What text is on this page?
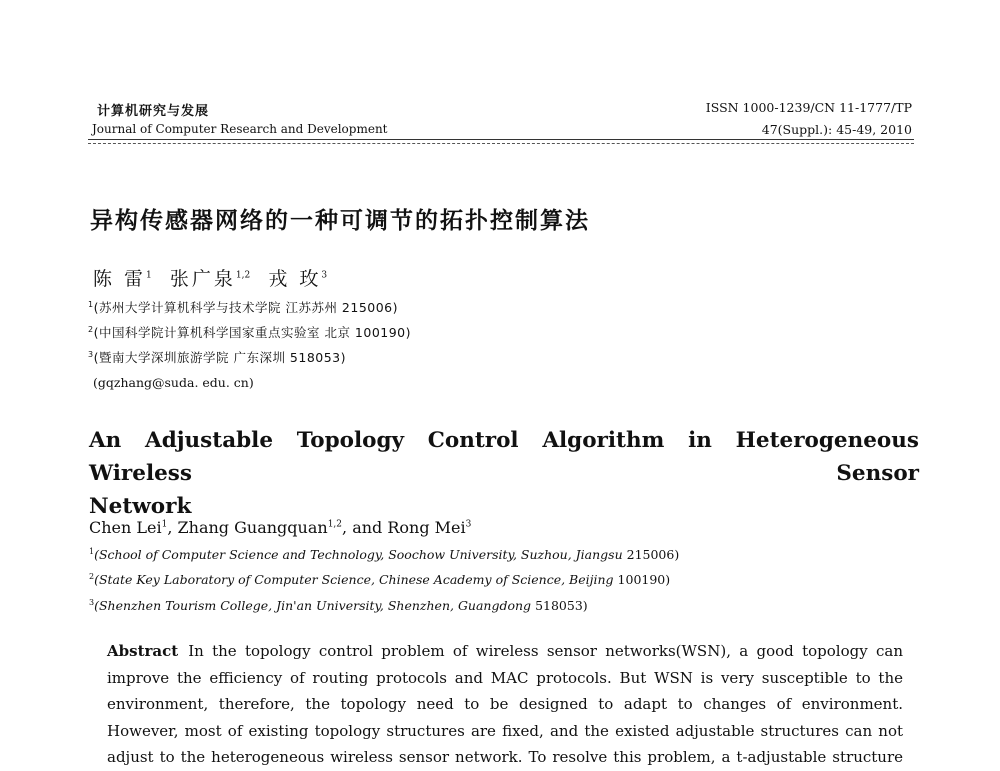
计算机研究与发展
Journal of Computer Research and Development
ISSN 1000-1239/CN 11-1777/TP
47(Suppl.): 45-49, 2010
异构传感器网络的一种可调节的拓扑控制算法
陈 雷$^1$ 张广泉$^{1,2}$ 戎 玫$^3$
$^1$(苏州大学计算机科学与技术学院 江苏苏州 215006)
$^2$(中国科学院计算机科学国家重点实验室 北京 100190)
$^3$(暨南大学深圳旅游学院 广东深圳 518053)
(gqzhang@suda. edu. cn)
An Adjustable Topology Control Algorithm in Heterogeneous Wireless Sensor
Network
Chen Lei$^1$, Zhang Guangquan$^{1,2}$, and Rong Mei$^3$
$^1$(School of Computer Science and Technology, Soochow University, Suzhou, Jiangsu 215006)
$^2$(State Key Laboratory of Computer Science, Chinese Academy of Science, Beijing 100190)
$^3$(Shenzhen Tourism College, Jin'an University, Shenzhen, Guangdong 518053)
Abstract In the topology control problem of wireless sensor networks(WSN), a good topology can
improve the efficiency of routing protocols and MAC protocols. But WSN is very susceptible to the
environment, therefore, the topology need to be designed to adapt to changes of environment.
However, most of existing topology structures are fixed, and the existed adjustable structures can not
adjust to the heterogeneous wireless sensor network. To resolve this problem, a t-adjustable structure
